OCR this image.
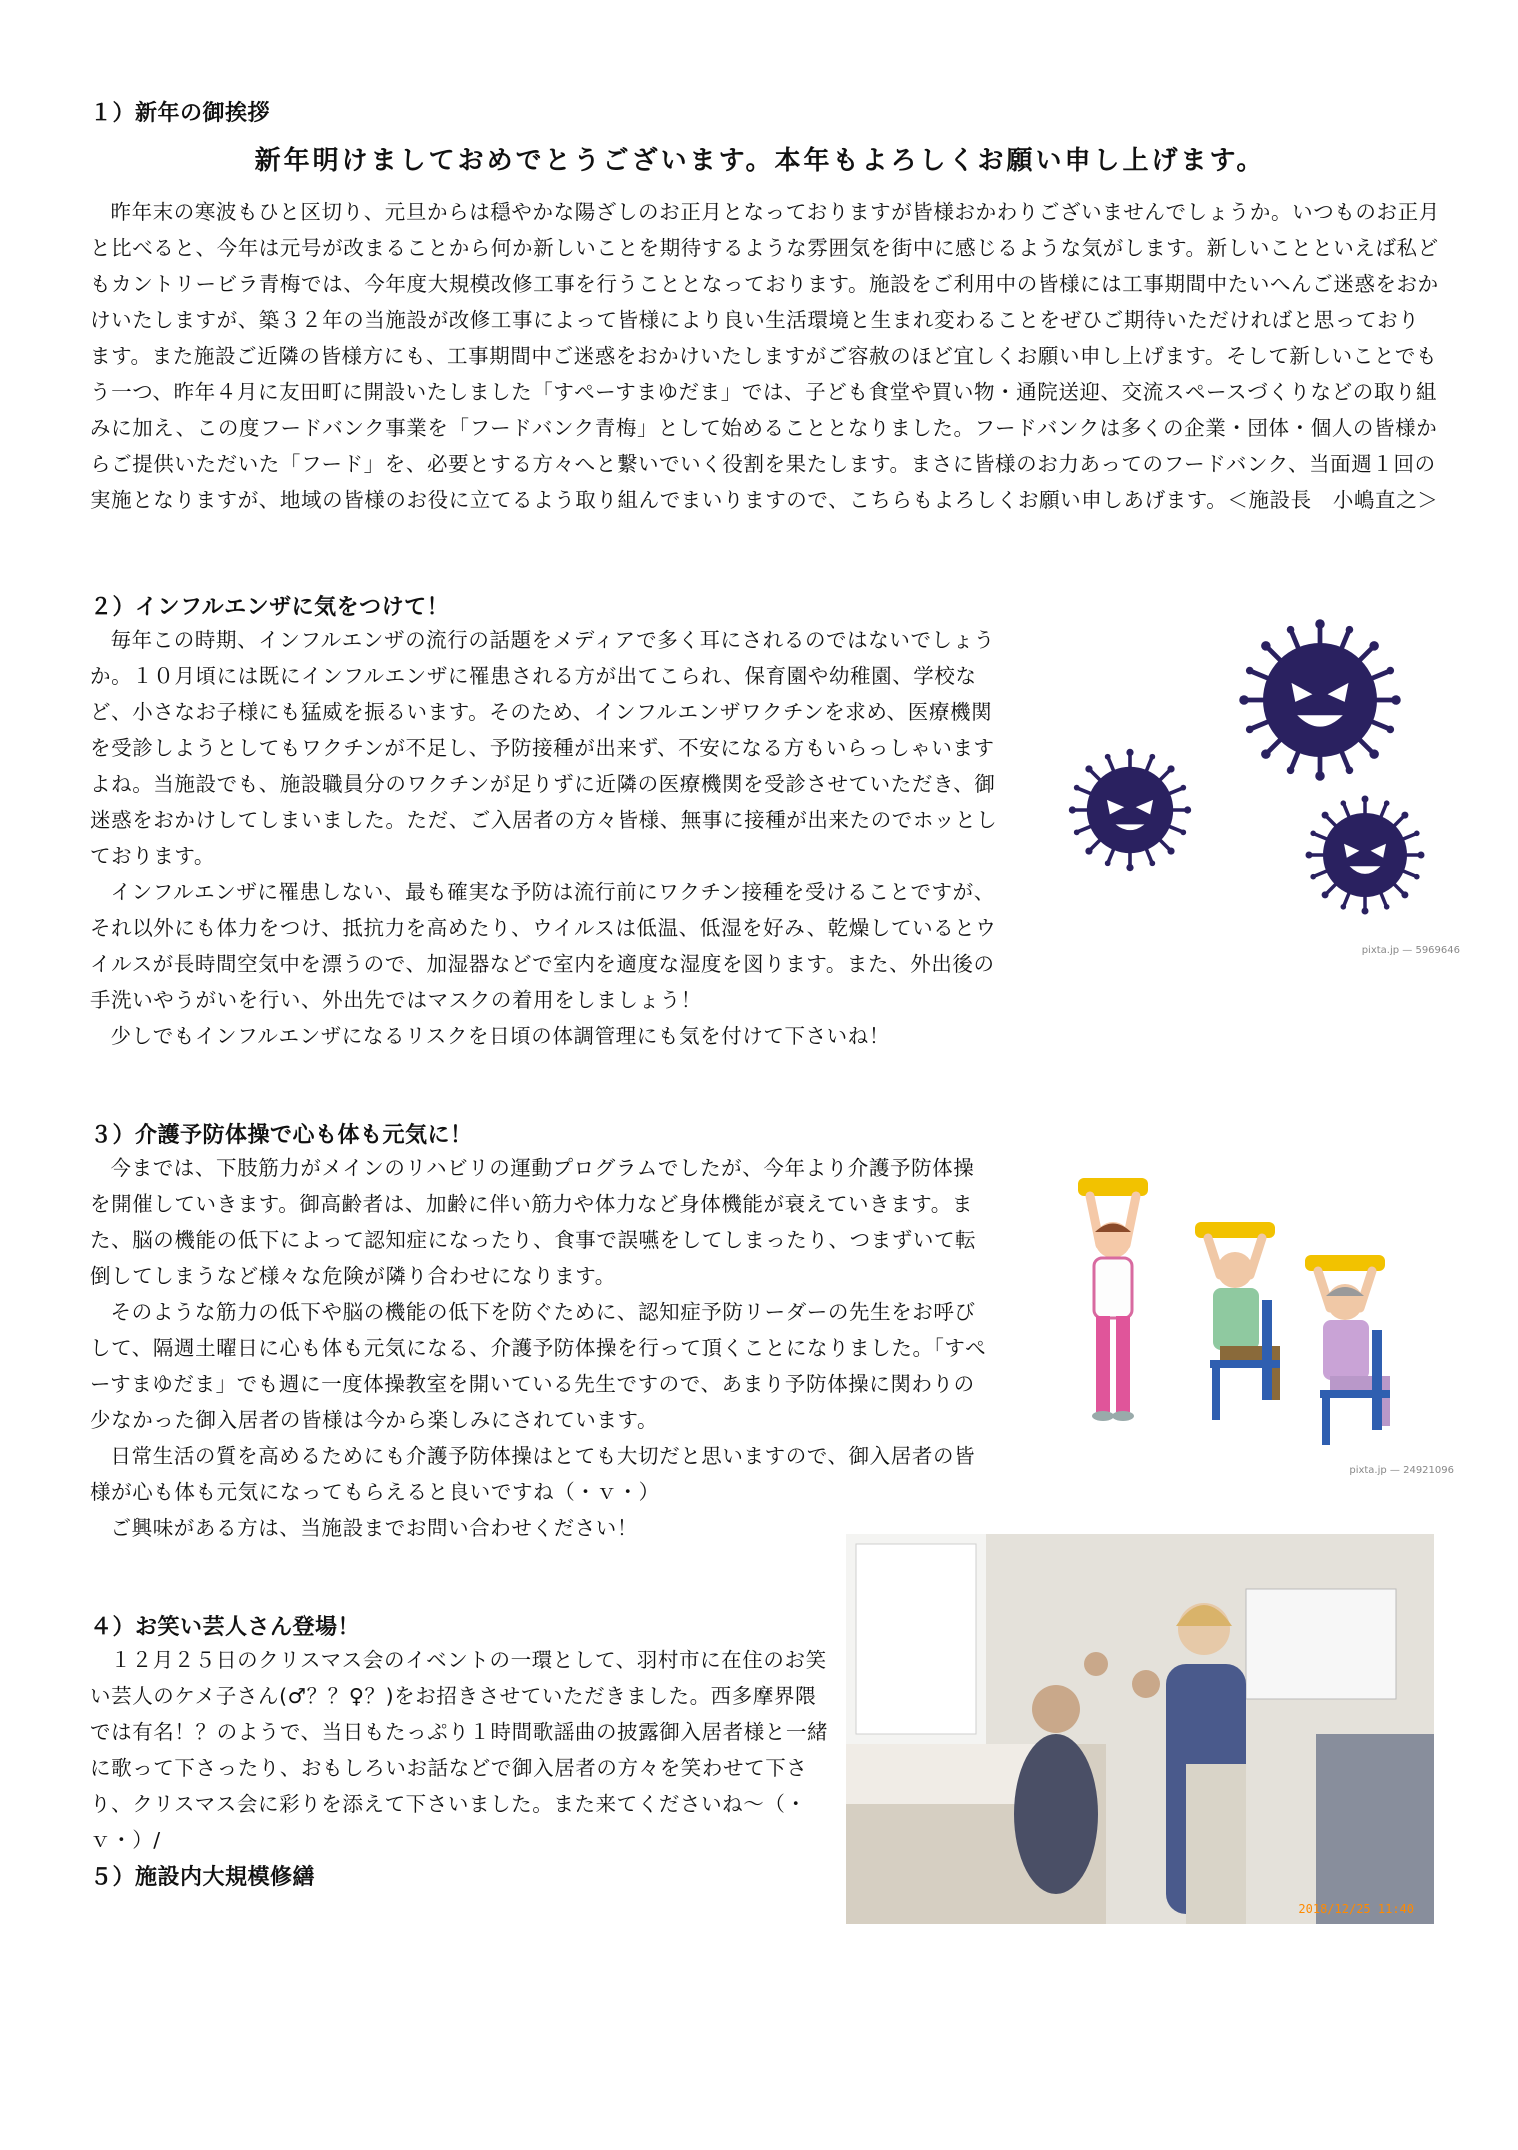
１）新年の御挨拶
新年明けましておめでとうございます。本年もよろしくお願い申し上げます。

昨年末の寒波もひと区切り、元旦からは穏やかな陽ざしのお正月となっておりますが皆様おかわりございませんでしょうか。いつものお正月と比べると、今年は元号が改まることから何か新しいことを期待するような雰囲気を街中に感じるような気がします。新しいことといえば私どもカントリービラ青梅では、今年度大規模改修工事を行うこととなっております。施設をご利用中の皆様には工事期間中たいへんご迷惑をおかけいたしますが、築３２年の当施設が改修工事によって皆様により良い生活環境と生まれ変わることをぜひご期待いただければと思っております。また施設ご近隣の皆様方にも、工事期間中ご迷惑をおかけいたしますがご容赦のほど宜しくお願い申し上げます。そして新しいことでもう一つ、昨年４月に友田町に開設いたしました「すぺーすまゆだま」では、子ども食堂や買い物・通院送迎、交流スペースづくりなどの取り組みに加え、この度フードバンク事業を「フードバンク青梅」として始めることとなりました。フードバンクは多くの企業・団体・個人の皆様からご提供いただいた「フード」を、必要とする方々へと繋いでいく役割を果たします。まさに皆様のお力あってのフードバンク、当面週１回の実施となりますが、地域の皆様のお役に立てるよう取り組んでまいりますので、こちらもよろしくお願い申しあげます。＜施設長　小嶋直之＞

２）インフルエンザに気をつけて！

毎年この時期、インフルエンザの流行の話題をメディアで多く耳にされるのではないでしょうか。１０月頃には既にインフルエンザに罹患される方が出てこられ、保育園や幼稚園、学校など、小さなお子様にも猛威を振るいます。そのため、インフルエンザワクチンを求め、医療機関を受診しようとしてもワクチンが不足し、予防接種が出来ず、不安になる方もいらっしゃいますよね。当施設でも、施設職員分のワクチンが足りずに近隣の医療機関を受診させていただき、御迷惑をおかけしてしまいました。ただ、ご入居者の方々皆様、無事に接種が出来たのでホッとしております。

インフルエンザに罹患しない、最も確実な予防は流行前にワクチン接種を受けることですが、それ以外にも体力をつけ、抵抗力を高めたり、ウイルスは低温、低湿を好み、乾燥しているとウイルスが長時間空気中を漂うので、加湿器などで室内を適度な湿度を図ります。また、外出後の手洗いやうがいを行い、外出先ではマスクの着用をしましょう！

少しでもインフルエンザになるリスクを日頃の体調管理にも気を付けて下さいね！

pixta.jp — 5969646
３）介護予防体操で心も体も元気に！

今までは、下肢筋力がメインのリハビリの運動プログラムでしたが、今年より介護予防体操を開催していきます。御高齢者は、加齢に伴い筋力や体力など身体機能が衰えていきます。また、脳の機能の低下によって認知症になったり、食事で誤嚥をしてしまったり、つまずいて転倒してしまうなど様々な危険が隣り合わせになります。

そのような筋力の低下や脳の機能の低下を防ぐために、認知症予防リーダーの先生をお呼びして、隔週土曜日に心も体も元気になる、介護予防体操を行って頂くことになりました。「すぺーすまゆだま」でも週に一度体操教室を開いている先生ですので、あまり予防体操に関わりの少なかった御入居者の皆様は今から楽しみにされています。

日常生活の質を高めるためにも介護予防体操はとても大切だと思いますので、御入居者の皆様が心も体も元気になってもらえると良いですね（・ｖ・）

ご興味がある方は、当施設までお問い合わせください！

pixta.jp — 24921096
４）お笑い芸人さん登場！

１２月２５日のクリスマス会のイベントの一環として、羽村市に在住のお笑い芸人のケメ子さん(♂？？♀？)をお招きさせていただきました。西多摩界隈では有名！？のようで、当日もたっぷり１時間歌謡曲の披露御入居者様と一緒に歌って下さったり、おもしろいお話などで御入居者の方々を笑わせて下さり、クリスマス会に彩りを添えて下さいました。また来てくださいね～（・ｖ・）/

2018/12/25 11:40
５）施設内大規模修繕
